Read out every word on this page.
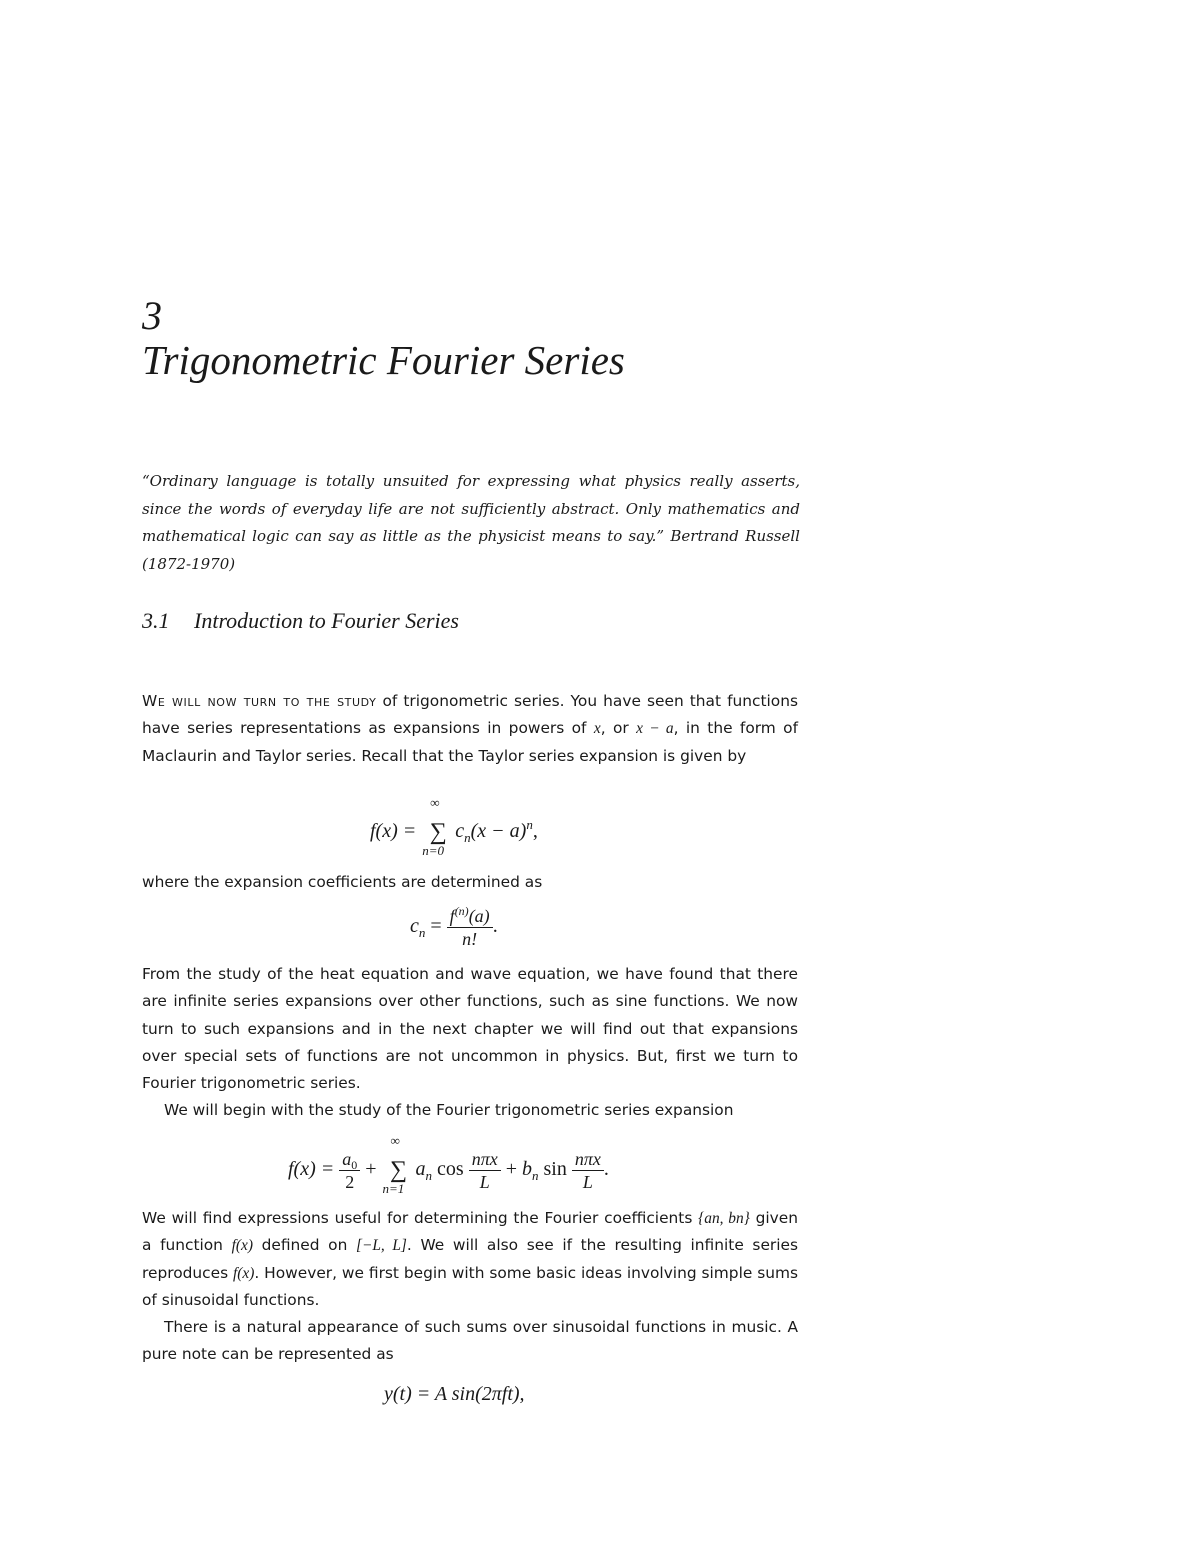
3
Trigonometric Fourier Series
“Ordinary language is totally unsuited for expressing what physics really asserts, since the words of everyday life are not sufficiently abstract. Only mathematics and mathematical logic can say as little as the physicist means to say.” Bertrand Russell (1872-1970)
3.1 Introduction to Fourier Series
We will now turn to the study of trigonometric series. You have seen that functions have series representations as expansions in powers of x, or x − a, in the form of Maclaurin and Taylor series. Recall that the Taylor series expansion is given by
f(x) =
∞
∑
n=0
$c_n(x - a)^n$,
where the expansion coefficients are determined as
$c_n = \frac{f^{(n)}(a)}{n!}$ .
From the study of the heat equation and wave equation, we have found that there are infinite series expansions over other functions, such as sine functions. We now turn to such expansions and in the next chapter we will find out that expansions over special sets of functions are not uncommon in physics. But, first we turn to Fourier trigonometric series.
We will begin with the study of the Fourier trigonometric series expansion
$f(x) = \frac{a_0}{2}$ +
∞
∑
n=1
$a_n$ $\cos \frac{\text{nπx}}{L} + b_n$ $\sin \frac{\text{nπx}}{L}$ .
We will find expressions useful for determining the Fourier coefficients {an, bn} given a function f(x) defined on [−L, L]. We will also see if the resulting infinite series reproduces f(x). However, we first begin with some basic ideas involving simple sums of sinusoidal functions.
There is a natural appearance of such sums over sinusoidal functions in music. A pure note can be represented as
y(t) = A sin(2πft),
